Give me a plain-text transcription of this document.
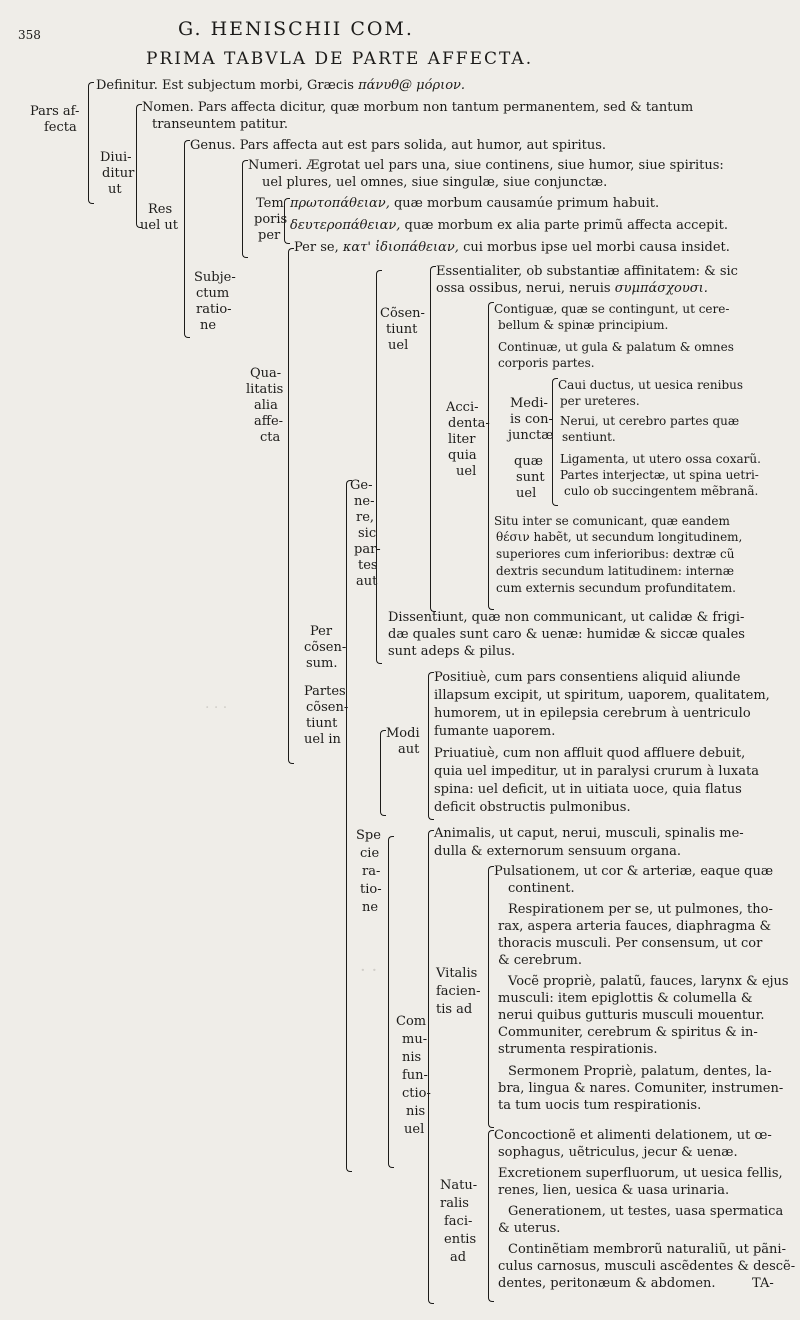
· · ·
· ·
358	G. HENISCHII COM.
PRIMA TABVLA DE PARTE AFFECTA.
Pars af-
fecta
Definitur. Est subjectum morbi, Græcis πάνυθ@ μόριον.
Diui-
ditur
ut
Nomen. Pars affecta dicitur, quæ morbum non tantum permanentem, sed & tantum
transeuntem patitur.
Res
uel ut
Genus. Pars affecta aut est pars solida, aut humor, aut spiritus.
Subje-
ctum
ratio-
ne
Numeri. Ægrotat uel pars una, siue continens, siue humor, siue spiritus:
uel plures, uel omnes, siue singulæ, siue conjunctæ.
Tem
poris
per
πρωτοπάθειαν, quæ morbum causamúe primum habuit.
δευτεροπάθειαν, quæ morbum ex alia parte primũ affecta accepit.
Qua-
litatis
alia
affe-
cta
Per se, κατ' ἰδιοπάθειαν, cui morbus ipse uel morbi causa insidet.
Per
cõsen-
sum.
Partes
cõsen-
tiunt
uel in
Ge-
ne-
re,
sic
par-
tes
aut
Cõsen-
tiunt
uel
Essentialiter, ob substantiæ affinitatem: & sic
ossa ossibus, nerui, neruis συμπάσχουσι.
Acci-
denta-
liter
quia
uel
Contiguæ, quæ se contingunt, ut cere-
bellum & spinæ principium.
Continuæ, ut gula & palatum & omnes
corporis partes.
Medi-
is con-
junctæ
quæ
sunt
uel
Caui ductus, ut uesica renibus
per ureteres.
Nerui, ut cerebro partes quæ
sentiunt.
Ligamenta, ut utero ossa coxarũ.
Partes interjectæ, ut spina uetri-
culo ob succingentem mẽbranã.
Situ inter se comunicant, quæ eandem
θέσιν habẽt, ut secundum longitudinem,
superiores cum inferioribus: dextræ cũ
dextris secundum latitudinem: internæ
cum externis secundum profunditatem.
Dissentiunt, quæ non communicant, ut calidæ & frigi-
dæ quales sunt caro & uenæ: humidæ & siccæ quales
sunt adeps & pilus.
Modi
aut
Positiuè, cum pars consentiens aliquid aliunde
illapsum excipit, ut spiritum, uaporem, qualitatem,
humorem, ut in epilepsia cerebrum à uentriculo
fumante uaporem.
Priuatiuè, cum non affluit quod affluere debuit,
quia uel impeditur, ut in paralysi crurum à luxata
spina: uel deficit, ut in uitiata uoce, quia flatus
deficit obstructis pulmonibus.
Spe
cie
ra-
tio-
ne
Com
mu-
nis
fun-
ctio-
nis
uel
Animalis, ut caput, nerui, musculi, spinalis me-
dulla & externorum sensuum organa.
Vitalis
facien-
tis ad
Pulsationem, ut cor & arteriæ, eaque quæ
continent.
Respirationem per se, ut pulmones, tho-
rax, aspera arteria fauces, diaphragma &
thoracis musculi. Per consensum, ut cor
& cerebrum.
Vocẽ propriè, palatũ, fauces, larynx & ejus
musculi: item epiglottis & columella &
nerui quibus gutturis musculi mouentur.
Communiter, cerebrum & spiritus & in-
strumenta respirationis.
Sermonem Propriè, palatum, dentes, la-
bra, lingua & nares. Comuniter, instrumen-
ta tum uocis tum respirationis.
Natu-
ralis
faci-
entis
ad
Concoctionẽ et alimenti delationem, ut œ-
sophagus, uẽtriculus, jecur & uenæ.
Excretionem superfluorum, ut uesica fellis,
renes, lien, uesica & uasa urinaria.
Generationem, ut testes, uasa spermatica
& uterus.
Continẽtiam membrorũ naturaliũ, ut pãni-
culus carnosus, musculi ascẽdentes & descẽ-
dentes, peritonæum & abdomen.	TA-
